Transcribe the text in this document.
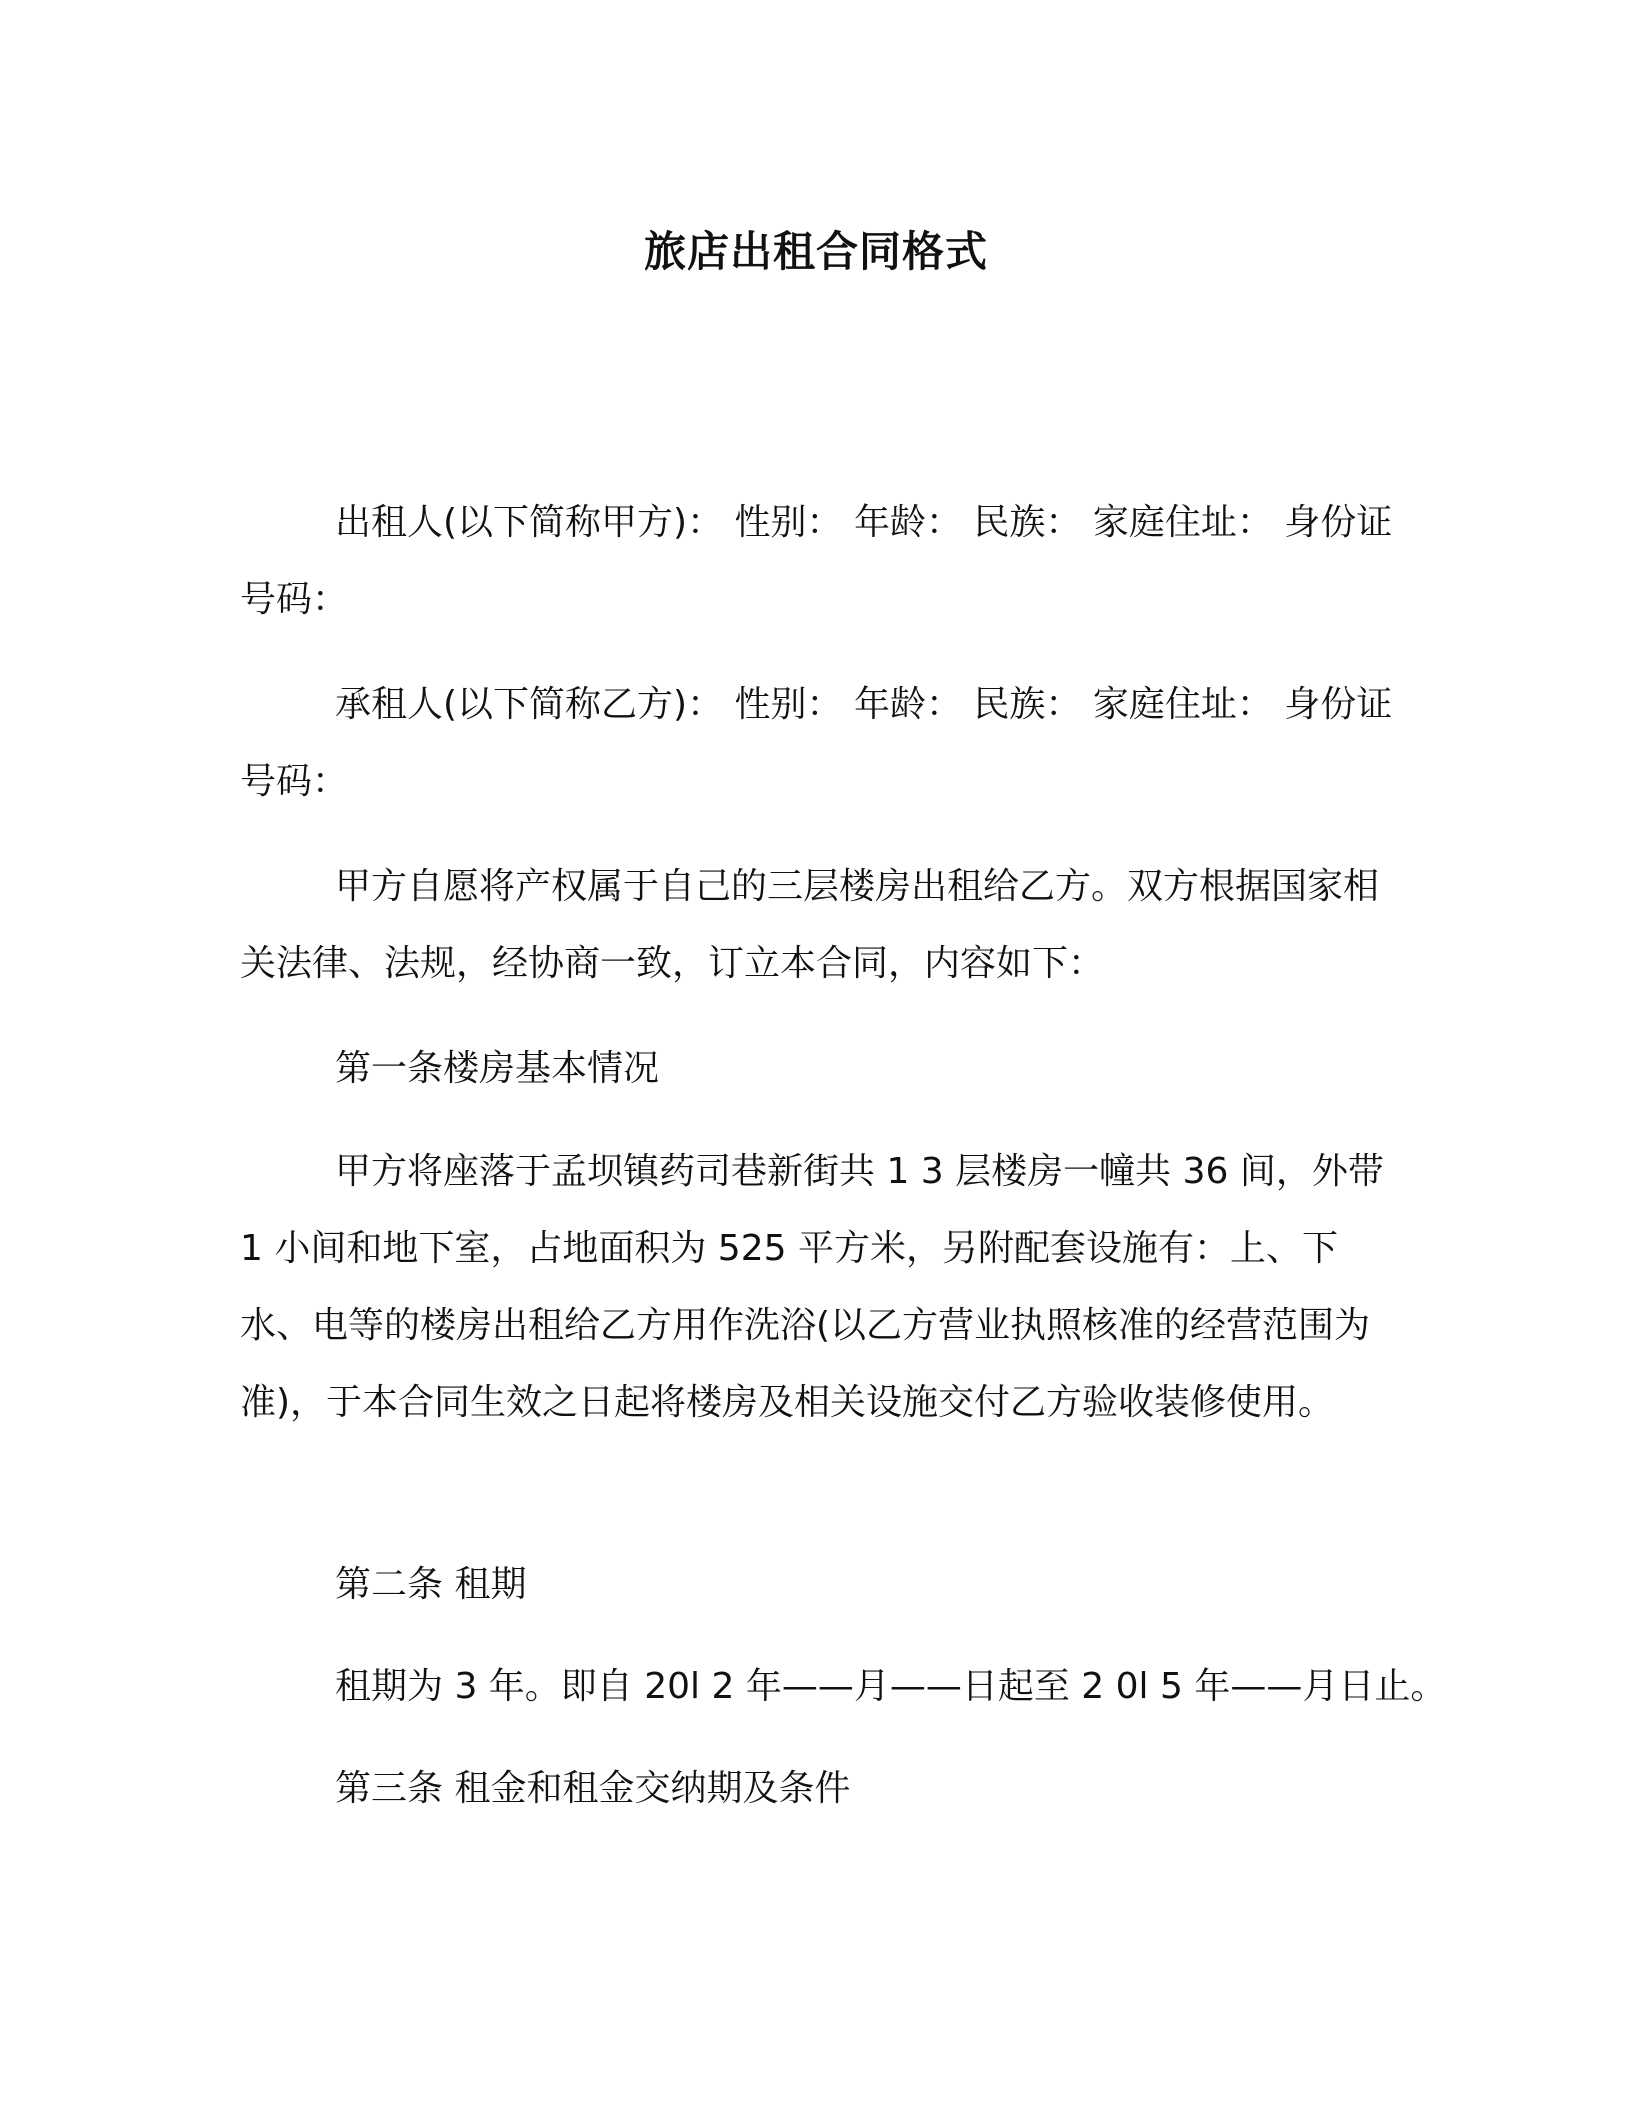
旅店出租合同格式

出租人(以下简称甲方)： 性别： 年龄： 民族： 家庭住址： 身份证号码：

承租人(以下简称乙方)： 性别： 年龄： 民族： 家庭住址： 身份证号码：

甲方自愿将产权属于自己的三层楼房出租给乙方。双方根据国家相关法律、法规，经协商一致，订立本合同，内容如下：

第一条楼房基本情况

甲方将座落于孟坝镇药司巷新街共 1 3 层楼房一幢共 36 间，外带 1 小间和地下室，占地面积为 525 平方米，另附配套设施有：上、下水、电等的楼房出租给乙方用作洗浴(以乙方营业执照核准的经营范围为准)，于本合同生效之日起将楼房及相关设施交付乙方验收装修使用。

第二条 租期

租期为 3 年。即自 20l 2 年——月——日起至 2 0l 5 年——月日止。

第三条 租金和租金交纳期及条件
